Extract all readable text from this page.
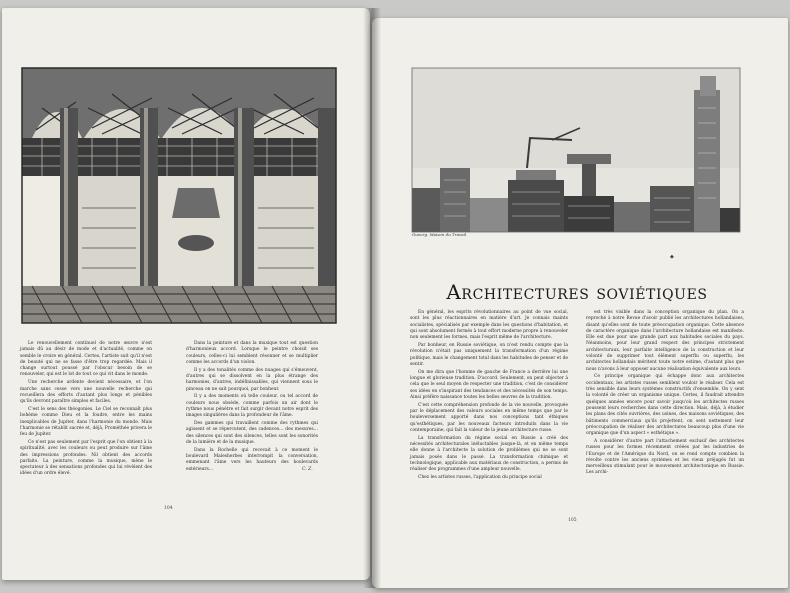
Le renouvellement continuel de notre œuvre n'est jamais dû au désir de mode et d'actualité, comme on semble le croire en général. Certes, l'artiste suit qu'il n'est de beauté qui ne se fasse d'être trop regardée. Mais il change surtout poussé par l'obscur besoin de se renouveler, qui est le lot de tout ce qui vit dans le monde.

Une recherche ardente devient nécessaire, et l'on marche sans cesse vers une nouvelle recherche qui recueillera des efforts d'autant plus longs et pénibles qu'ils devront paraître simples et faciles.

C'est le sens des théogonies. Le Ciel se reconnaît plus bohème comme Dieu et la foudre, entre les mains inexplicables de Jupiter, dans l'harmonie du monde. Mais l'harmonie se rétablit sacrée et, déjà, Prométhée privera le feu de Jupiter.

Ce n'est pas seulement par l'esprit que l'on obtient à la spiritualité, avec les couleurs ou peut produire sur l'âme des impressions profondes. Nil obtient des accords parfaits. La peinture, comme la musique, mène le spectateur à des sensations profondes qui lui révèlent des idées d'un ordre élevé.

Dans la peinture et dans la musique tout est question d'harmonieux accord. Lorsque le peintre choisit ses couleurs, celles-ci lui semblent résonner et se multiplier comme les accords d'un violon.

Il y a des tonalités comme des nuages qui s'émeuvent, d'autres qui se dissolvent en la plus étrange des harmonies, d'autres, indéfinissables, qui viennent sous le pinceau on ne sait pourquoi, par bonheur.

Il y a des moments où telle couleur, ou tel accord de couleurs nous obsède, comme parfois un air dont le rythme nous pénètre et fait surgir devant notre esprit des images singulières dans la profondeur de l'âme.

Des gammes qui travaillent comme des rythmes qui agissent et se répercutent, des cadences… des mesures… des silences qui sont des silences, telles sont les sonorités de la lumière et de la musique.

Dans la Rochelle qui recevait à ce moment le boulevard Malesherbes interrompit la conversation, emmenant l'âme vers les hauteurs des boulevards extérieurs…	C. Z.
104
Gueorg. Maison du Travail
◆
Architectures soviétiques

En général, les esprits révolutionnaires au point de vue social, sont les plus réactionnaires en matière d'art. Je connais maints socialistes, spécialisés par exemple dans les questions d'habitation, et qui sont absolument fermés à tout effort moderne propre à renouveler non seulement les formes, mais l'esprit même de l'architecture.

Par bonheur, en Russie soviétique, on n'est rendu compte que la révolution n'était pas uniquement la transformation d'un régime politique, mais le changement total dans les habitudes de penser et de sentir.

On me dira que l'homme de gauche de France a derrière lui une longue et glorieuse tradition. D'accord. Seulement, on peut objecter à cela que le seul moyen de respecter une tradition, c'est de considérer ses idées en s'inspirant des tendances et des nécessités de son temps. Ainsi préfère naissance toutes les belles œuvres de la tradition.

C'est cette compréhension profonde de la vie nouvelle, provoquée par le déplacement des valeurs sociales en même temps que par le bouleversement apporté dans nos conceptions tant éthiques qu'esthétiques, par les nouveaux facteurs introduits dans la vie contemporaine, qui fait la valeur de la jeune architecture russe.

La transformation du régime social en Russie a créé des nécessités architecturales inéluctables jusque-là, et en même temps elle donne à l'architecte la solution de problèmes qui ne se sont jamais posés dans le passé. La transformation chimique et technologique, applicable aux matériaux de construction, a permis de réaliser des programmes d'une ampleur nouvelle.

Chez les artistes russes, l'application du principe social

est très visible dans la conception organique du plan. On a reproché à notre Revue d'avoir publié les architectures hollandaises, disant qu'elles sont de toute préoccupation organique. Cette absence de caractère organique dans l'architecture hollandaise est manifeste. Elle est due pour une grande part aux habitudes sociales du pays. Néanmoins, pour leur grand respect des principes strictement architecturaux, leur parfaite intelligence de la construction et leur volonté de supprimer tout élément superflu ou superflu, les architectes hollandais méritent toute notre estime, d'autant plus que nous n'avons à leur opposer aucune réalisation équivalente aux leurs.

Ce principe organique qui échappe donc aux architectes occidentaux, les artistes russes semblent vouloir le réaliser. Cela est très sensible dans leurs systèmes constructifs d'ensemble. On y sent la volonté de créer un organisme unique. Certes, il faudrait attendre quelques années encore pour savoir jusqu'où les architectes russes poussent leurs recherches dans cette direction. Mais, déjà, à étudier les plans des cités ouvrières, des usines, des maisons soviétiques, des bâtiments commerciaux qu'ils projettent, on sent nettement leur préoccupation de réaliser des architectures beaucoup plus d'une vie organique que d'un aspect « esthétique ».

A considérer d'autre part l'attachement exclusif des architectes russes pour les formes récemment créées par les industries de l'Europe et de l'Amérique du Nord, on se rend compte combien la révolte contre les anciens systèmes et les vieux préjugés fut un merveilleux stimulant pour le mouvement architectonique en Russie. Les archi-

105
